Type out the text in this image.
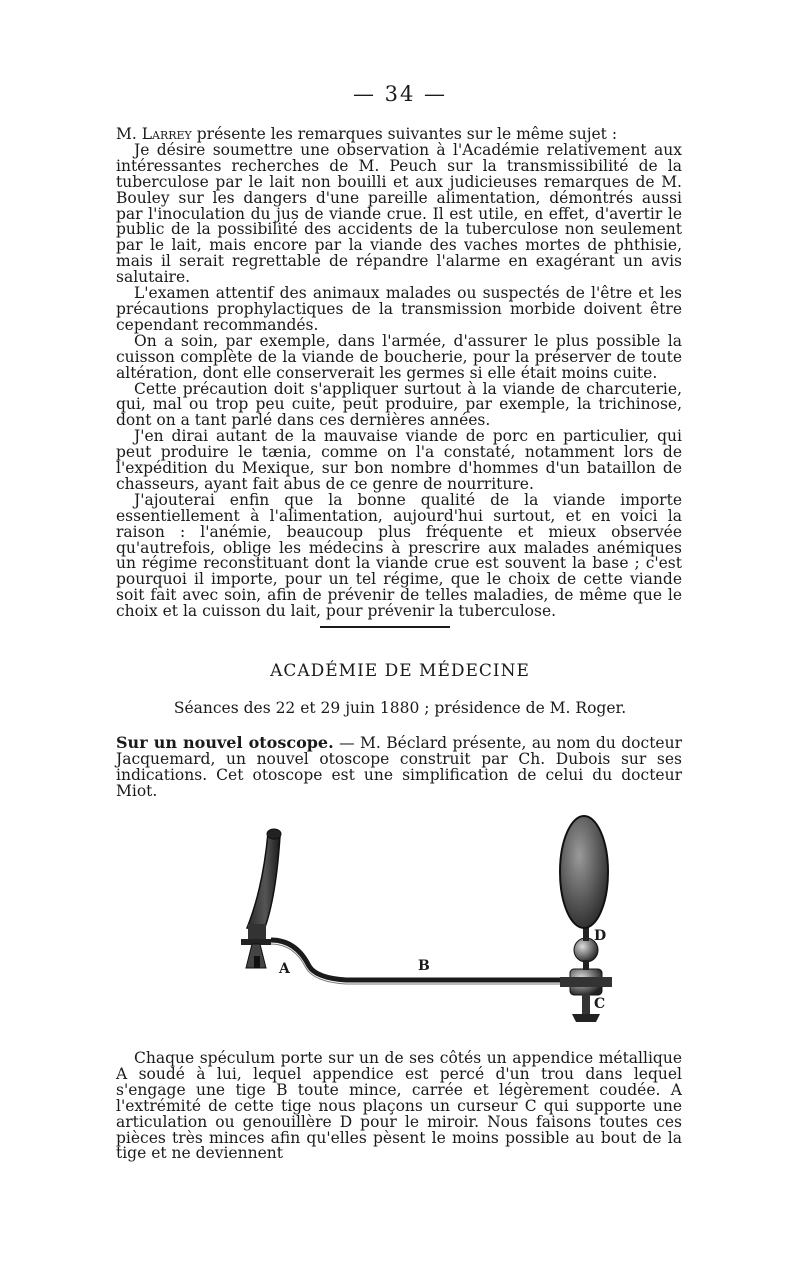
— 34 —

M. Larrey présente les remarques suivantes sur le même sujet :

Je désire soumettre une observation à l'Académie relativement aux intéressantes recherches de M. Peuch sur la transmissibilité de la tuberculose par le lait non bouilli et aux judicieuses remarques de M. Bouley sur les dangers d'une pareille alimentation, démontrés aussi par l'inoculation du jus de viande crue. Il est utile, en effet, d'avertir le public de la possibilité des accidents de la tuberculose non seulement par le lait, mais encore par la viande des vaches mortes de phthisie, mais il serait regrettable de répandre l'alarme en exagérant un avis salutaire.

L'examen attentif des animaux malades ou suspectés de l'être et les précautions prophylactiques de la transmission morbide doivent être cependant recommandés.

On a soin, par exemple, dans l'armée, d'assurer le plus possible la cuisson complète de la viande de boucherie, pour la préserver de toute altération, dont elle conserverait les germes si elle était moins cuite.

Cette précaution doit s'appliquer surtout à la viande de charcuterie, qui, mal ou trop peu cuite, peut produire, par exemple, la trichinose, dont on a tant parlé dans ces dernières années.

J'en dirai autant de la mauvaise viande de porc en particulier, qui peut produire le tænia, comme on l'a constaté, notamment lors de l'expédition du Mexique, sur bon nombre d'hommes d'un bataillon de chasseurs, ayant fait abus de ce genre de nourriture.

J'ajouterai enfin que la bonne qualité de la viande importe essentiellement à l'alimentation, aujourd'hui surtout, et en voici la raison : l'anémie, beaucoup plus fréquente et mieux observée qu'autrefois, oblige les médecins à prescrire aux malades anémiques un régime reconstituant dont la viande crue est souvent la base ; c'est pourquoi il importe, pour un tel régime, que le choix de cette viande soit fait avec soin, afin de prévenir de telles maladies, de même que le choix et la cuisson du lait, pour prévenir la tuberculose.

ACADÉMIE DE MÉDECINE
Séances des 22 et 29 juin 1880 ; présidence de M. Roger.

Sur un nouvel otoscope. — M. Béclard présente, au nom du docteur Jacquemard, un nouvel otoscope construit par Ch. Dubois sur ses indications. Cet otoscope est une simplification de celui du docteur Miot.

A	B
C
D

Chaque spéculum porte sur un de ses côtés un appendice métallique A soudé à lui, lequel appendice est percé d'un trou dans lequel s'engage une tige B toute mince, carrée et légèrement coudée. A l'extrémité de cette tige nous plaçons un curseur C qui supporte une articulation ou genouillère D pour le miroir. Nous faisons toutes ces pièces très minces afin qu'elles pèsent le moins possible au bout de la tige et ne deviennent
